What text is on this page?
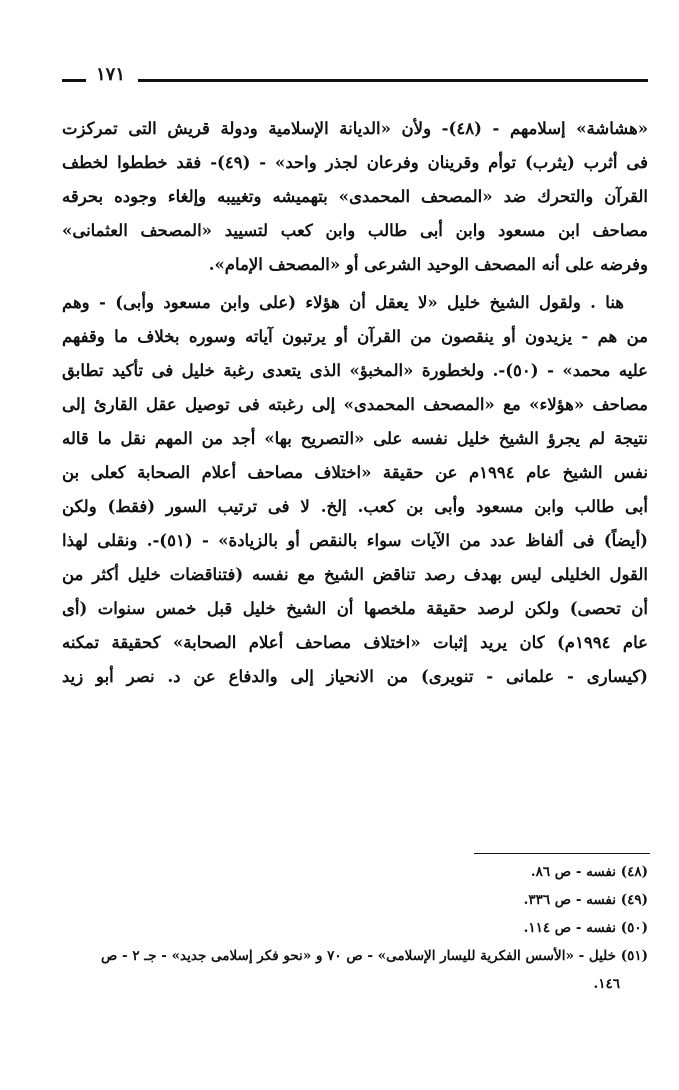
١٧١
«هشاشة» إسلامهم - (٤٨)- ولأن «الديانة الإسلامية ودولة قريش التى تمركزت
فى أثرب (يثرب) توأم وقرينان وفرعان لجذر واحد» - (٤٩)- فقد خططوا لخطف
القرآن والتحرك ضد «المصحف المحمدى» بتهميشه وتغييبه وإلغاء وجوده بحرقه
مصاحف ابن مسعود وابن أبى طالب وابن كعب لتسييد «المصحف العثمانى»
وفرضه على أنه المصحف الوحيد الشرعى أو «المصحف الإمام».
هنا . ولقول الشيخ خليل «لا يعقل أن هؤلاء (على وابن مسعود وأبى) - وهم
من هم - يزيدون أو ينقصون من القرآن أو يرتبون آياته وسوره بخلاف ما وقفهم
عليه محمد» - (٥٠)-. ولخطورة «المخبؤ» الذى يتعدى رغبة خليل فى تأكيد تطابق
مصاحف «هؤلاء» مع «المصحف المحمدى» إلى رغبته فى توصيل عقل القارئ إلى
نتيجة لم يجرؤ الشيخ خليل نفسه على «التصريح بها» أجد من المهم نقل ما قاله
نفس الشيخ عام ١٩٩٤م عن حقيقة «اختلاف مصاحف أعلام الصحابة كعلى بن
أبى طالب وابن مسعود وأبى بن كعب. إلخ. لا فى ترتيب السور (فقط) ولكن
(أيضاً) فى ألفاظ عدد من الآيات سواء بالنقص أو بالزيادة» - (٥١)-. ونقلى لهذا
القول الخليلى ليس بهدف رصد تناقض الشيخ مع نفسه (فتناقضات خليل أكثر من
أن تحصى) ولكن لرصد حقيقة ملخصها أن الشيخ خليل قبل خمس سنوات (أى
عام ١٩٩٤م) كان يريد إثبات «اختلاف مصاحف أعلام الصحابة» كحقيقة تمكنه
(كيسارى - علمانى - تنويرى) من الانحياز إلى والدفاع عن د. نصر أبو زيد
(٤٨) نفسه - ص ٨٦.
(٤٩) نفسه - ص ٣٣٦.
(٥٠) نفسه - ص ١١٤.
(٥١) خليل - «الأسس الفكرية لليسار الإسلامى» - ص ٧٠ و «نحو فكر إسلامى جديد» - جـ ٢ - ص
١٤٦.
